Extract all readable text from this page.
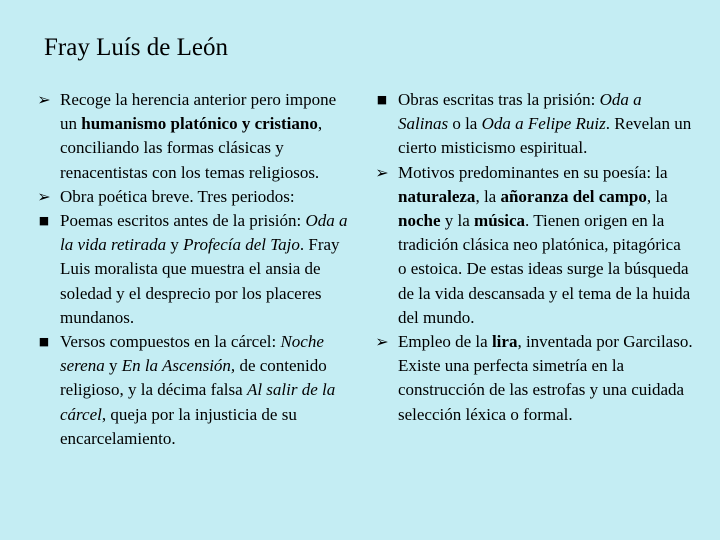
Fray Luís de León

➢ Recoge la herencia anterior pero impone un humanismo platónico y cristiano, conciliando las formas clásicas y renacentistas con los temas religiosos.

➢ Obra poética breve. Tres periodos:

■ Poemas escritos antes de la prisión: Oda a la vida retirada y Profecía del Tajo. Fray Luis moralista que muestra el ansia de soledad y el desprecio por los placeres mundanos.

■ Versos compuestos en la cárcel: Noche serena y En la Ascensión, de contenido religioso, y la décima falsa Al salir de la cárcel, queja por la injusticia de su encarcelamiento.

■ Obras escritas tras la prisión: Oda a Salinas o la Oda a Felipe Ruiz. Revelan un cierto misticismo espiritual.

➢ Motivos predominantes en su poesía: la naturaleza, la añoranza del campo, la noche y la música. Tienen origen en la tradición clásica neo platónica, pitagórica o estoica. De estas ideas surge la búsqueda de la vida descansada y el tema de la huida del mundo.

➢ Empleo de la lira, inventada por Garcilaso. Existe una perfecta simetría en la construcción de las estrofas y una cuidada selección léxica o formal.
